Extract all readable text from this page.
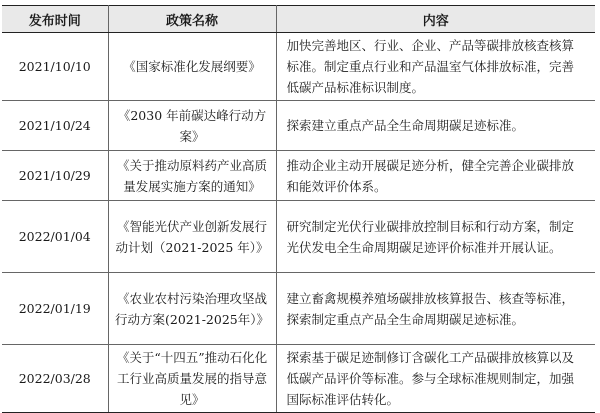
发布时间	政策名称	内容
2021/10/10	《国家标准化发展纲要》	加快完善地区、行业、企业、产品等碳排放核查核算标准。制定重点行业和产品温室气体排放标准，完善低碳产品标准标识制度。
2021/10/24	《2030 年前碳达峰行动方案》	探索建立重点产品全生命周期碳足迹标准。
2021/10/29	《关于推动原料药产业高质量发展实施方案的通知》	推动企业主动开展碳足迹分析，健全完善企业碳排放和能效评价体系。
2022/01/04	《智能光伏产业创新发展行动计划（2021-2025 年）》	研究制定光伏行业碳排放控制目标和行动方案，制定光伏发电全生命周期碳足迹评价标准并开展认证。
2022/01/19	《农业农村污染治理攻坚战行动方案(2021-2025年）》	建立畜禽规模养殖场碳排放核算报告、核查等标准，探索制定重点产品全生命周期碳足迹标准。
2022/03/28	《关于“十四五”推动石化化工行业高质量发展的指导意见》	探索基于碳足迹制修订含碳化工产品碳排放核算以及低碳产品评价等标准。参与全球标准规则制定，加强国际标准评估转化。
